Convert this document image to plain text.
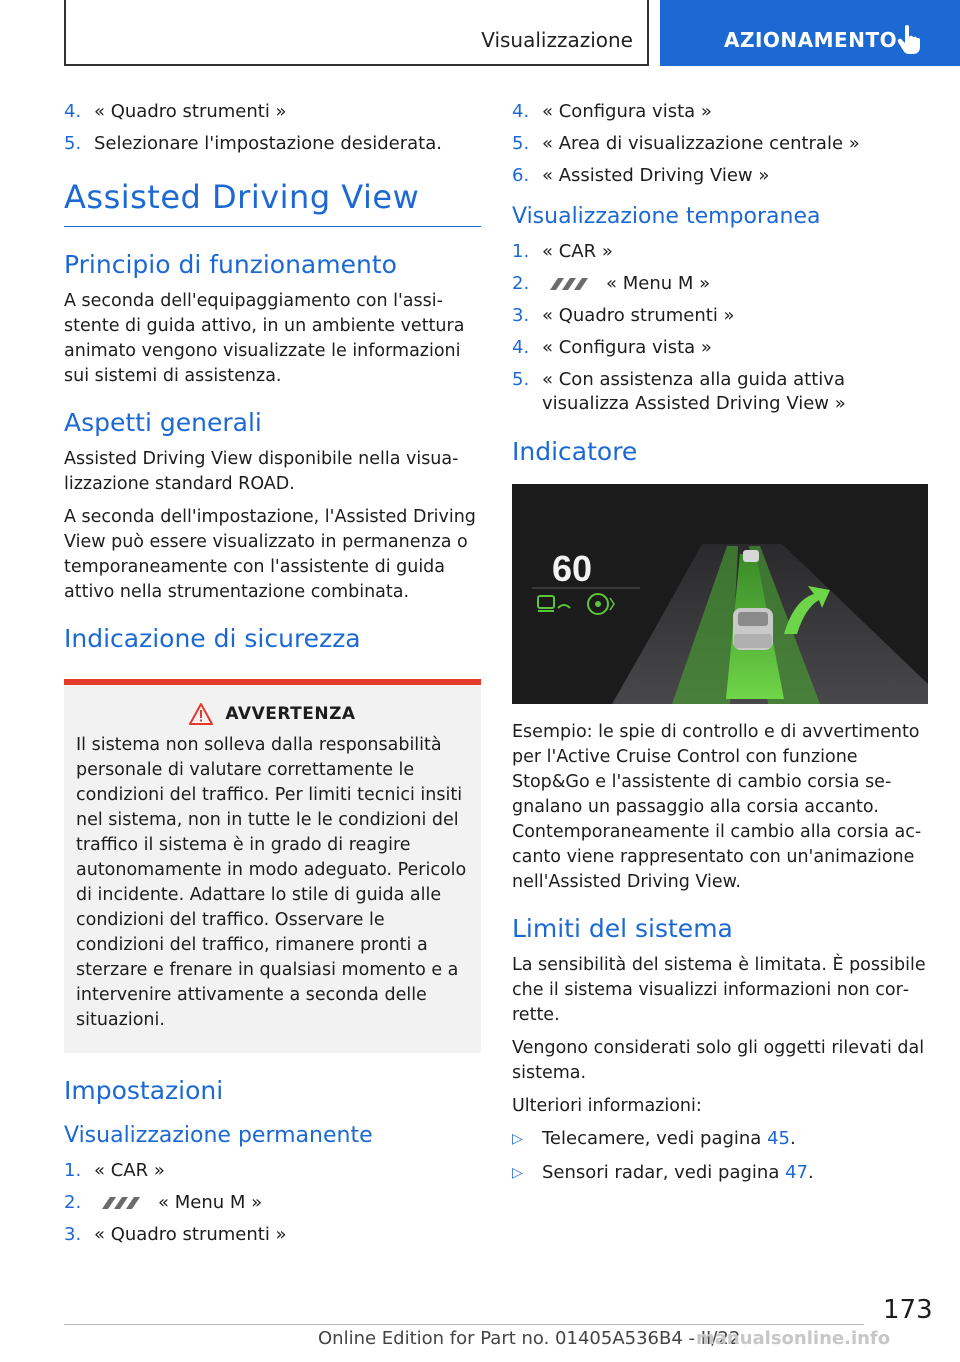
Visualizzazione	AZIONAMENTO
4. « Quadro strumenti »
5. Selezionare l'impostazione desiderata.
Assisted Driving View
Principio di funzionamento

A seconda dell'equipaggiamento con l'assistente di guida attivo, in un ambiente vettura animato vengono visualizzate le informazioni sui sistemi di assistenza.

Aspetti generali

Assisted Driving View disponibile nella visualizzazione standard ROAD.

A seconda dell'impostazione, l'Assisted Driving View può essere visualizzato in permanenza o temporaneamente con l'assistente di guida attivo nella strumentazione combinata.

Indicazione di sicurezza
AVVERTENZA

Il sistema non solleva dalla responsabilità personale di valutare correttamente le condizioni del traffico. Per limiti tecnici insiti nel sistema, non in tutte le le condizioni del traffico il sistema è in grado di reagire autonomamente in modo adeguato. Pericolo di incidente. Adattare lo stile di guida alle condizioni del traffico. Osservare le condizioni del traffico, rimanere pronti a sterzare e frenare in qualsiasi momento e a intervenire attivamente a seconda delle situazioni.

Impostazioni
Visualizzazione permanente
1. « CAR »
2.	« Menu M »
3. « Quadro strumenti »
4. « Configura vista »
5. « Area di visualizzazione centrale »
6. « Assisted Driving View »
Visualizzazione temporanea
1. « CAR »
2.	« Menu M »
3. « Quadro strumenti »
4. « Configura vista »
5. « Con assistenza alla guida attiva visualizza Assisted Driving View »
Indicatore
60

Esempio: le spie di controllo e di avvertimento per l'Active Cruise Control con funzione Stop&Go e l'assistente di cambio corsia segnalano un passaggio alla corsia accanto. Contemporaneamente il cambio alla corsia accanto viene rappresentato con un'animazione nell'Assisted Driving View.

Limiti del sistema

La sensibilità del sistema è limitata. È possibile che il sistema visualizzi informazioni non corrette.

Vengono considerati solo gli oggetti rilevati dal sistema.

Ulteriori informazioni:

▷ Telecamere, vedi pagina 45.
▷ Sensori radar, vedi pagina 47.
173
Online Edition for Part no. 01405A536B4 - II/22
manualsonline.info
